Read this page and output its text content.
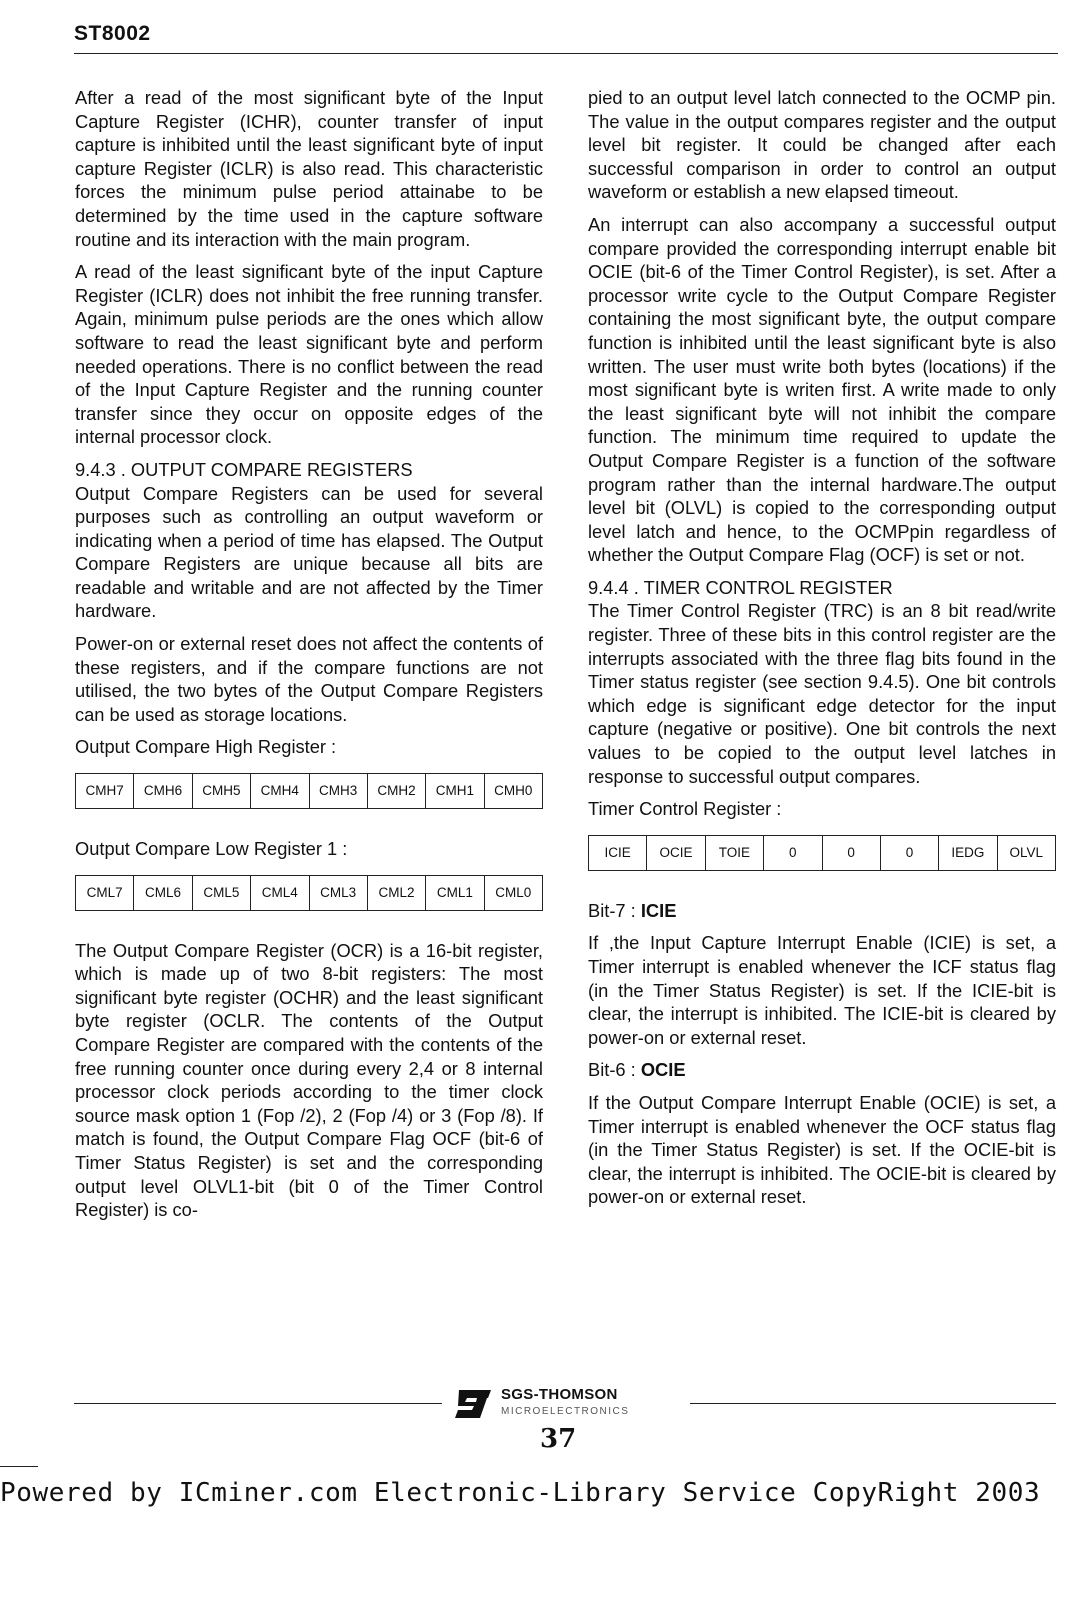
ST8002

After a read of the most significant byte of the Input Capture Register (ICHR), counter transfer of input capture is inhibited until the least significant byte of input capture Register (ICLR) is also read. This characteristic forces the minimum pulse period attainabe to be determined by the time used in the capture software routine and its interaction with the main program.

A read of the least significant byte of the input Capture Register (ICLR) does not inhibit the free running transfer. Again, minimum pulse periods are the ones which allow software to read the least significant byte and perform needed operations. There is no conflict between the read of the Input Capture Register and the running counter transfer since they occur on opposite edges of the internal processor clock.

9.4.3 . OUTPUT COMPARE REGISTERS

Output Compare Registers can be used for several purposes such as controlling an output waveform or indicating when a period of time has elapsed. The Output Compare Registers are unique because all bits are readable and writable and are not affected by the Timer hardware.

Power-on or external reset does not affect the contents of these registers, and if the compare functions are not utilised, the two bytes of the Output Compare Registers can be used as storage locations.

Output Compare High Register :

CMH7	CMH6	CMH5	CMH4	CMH3	CMH2	CMH1	CMH0

Output Compare Low Register 1 :

CML7	CML6	CML5	CML4	CML3	CML2	CML1	CML0

The Output Compare Register (OCR) is a 16-bit register, which is made up of two 8-bit registers: The most significant byte register (OCHR) and the least significant byte register (OCLR. The contents of the Output Compare Register are compared with the contents of the free running counter once during every 2,4 or 8 internal processor clock periods according to the timer clock source mask option 1 (Fop /2), 2 (Fop /4) or 3 (Fop /8). If match is found, the Output Compare Flag OCF (bit-6 of Timer Status Register) is set and the corresponding output level OLVL1-bit (bit 0 of the Timer Control Register) is co-

pied to an output level latch connected to the OCMP pin. The value in the output compares register and the output level bit register. It could be changed after each successful comparison in order to control an output waveform or establish a new elapsed timeout.

An interrupt can also accompany a successful output compare provided the corresponding interrupt enable bit OCIE (bit-6 of the Timer Control Register), is set. After a processor write cycle to the Output Compare Register containing the most significant byte, the output compare function is inhibited until the least significant byte is also written. The user must write both bytes (locations) if the most significant byte is writen first. A write made to only the least significant byte will not inhibit the compare function. The minimum time required to update the Output Compare Register is a function of the software program rather than the internal hardware.The output level bit (OLVL) is copied to the corresponding output level latch and hence, to the OCMPpin regardless of whether the Output Compare Flag (OCF) is set or not.

9.4.4 . TIMER CONTROL REGISTER

The Timer Control Register (TRC) is an 8 bit read/write register. Three of these bits in this control register are the interrupts associated with the three flag bits found in the Timer status register (see section 9.4.5). One bit controls which edge is significant edge detector for the input capture (negative or positive). One bit controls the next values to be copied to the output level latches in response to successful output compares.

Timer Control Register :

ICIE	OCIE	TOIE	0	0	0	IEDG	OLVL

Bit-7 : ICIE

If ,the Input Capture Interrupt Enable (ICIE) is set, a Timer interrupt is enabled whenever the ICF status flag (in the Timer Status Register) is set. If the ICIE-bit is clear, the interrupt is inhibited. The ICIE-bit is cleared by power-on or external reset.

Bit-6 : OCIE

If the Output Compare Interrupt Enable (OCIE) is set, a Timer interrupt is enabled whenever the OCF status flag (in the Timer Status Register) is set. If the OCIE-bit is clear, the interrupt is inhibited. The OCIE-bit is cleared by power-on or external reset.

SGS-THOMSON
MICROELECTRONICS
37
Powered by ICminer.com Electronic-Library Service CopyRight 2003
